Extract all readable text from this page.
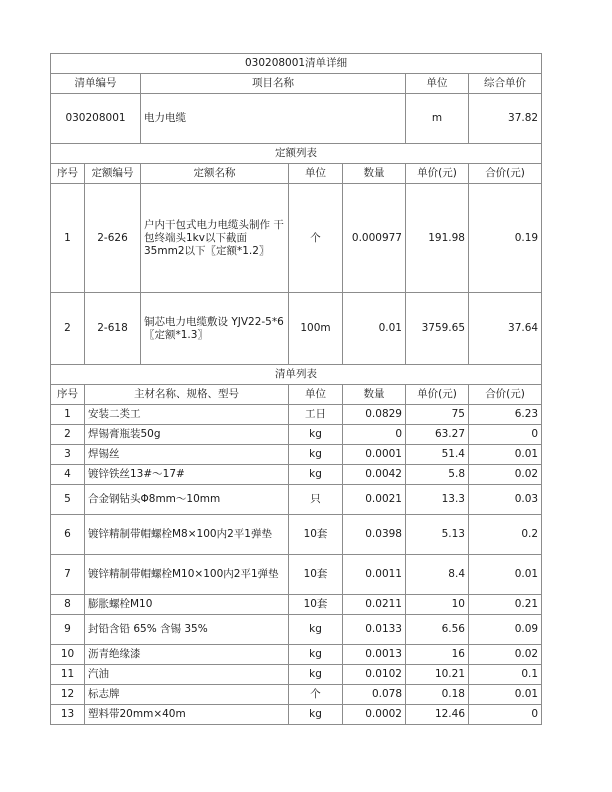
030208001清单详细						
清单编号		项目名称			单位	综合单价
030208001		电力电缆			m	37.82
定额列表						
序号	定额编号	定额名称	单位	数量	单价(元)	合价(元)
1	2-626	户内干包式电力电缆头制作 干包终端头1kv以下截面 35mm2以下〖定额*1.2〗	个	0.000977	191.98	0.19
2	2-618	铜芯电力电缆敷设 YJV22-5*6〖定额*1.3〗	100m	0.01	3759.65	37.64
清单列表						
序号	主材名称、规格、型号		单位	数量	单价(元)	合价(元)
1	安装二类工		工日	0.0829	75	6.23
2	焊锡膏瓶装50g		kg	0	63.27	0
3	焊锡丝		kg	0.0001	51.4	0.01
4	镀锌铁丝13#～17#		kg	0.0042	5.8	0.02
5	合金钢钻头Φ8mm～10mm		只	0.0021	13.3	0.03
6	镀锌精制带帽螺栓M8×100内2平1弹垫		10套	0.0398	5.13	0.2
7	镀锌精制带帽螺栓M10×100内2平1弹垫		10套	0.0011	8.4	0.01
8	膨胀螺栓M10		10套	0.0211	10	0.21
9	封铅含铅 65% 含锡 35%		kg	0.0133	6.56	0.09
10	沥青绝缘漆		kg	0.0013	16	0.02
11	汽油		kg	0.0102	10.21	0.1
12	标志牌		个	0.078	0.18	0.01
13	塑料带20mm×40m		kg	0.0002	12.46	0
